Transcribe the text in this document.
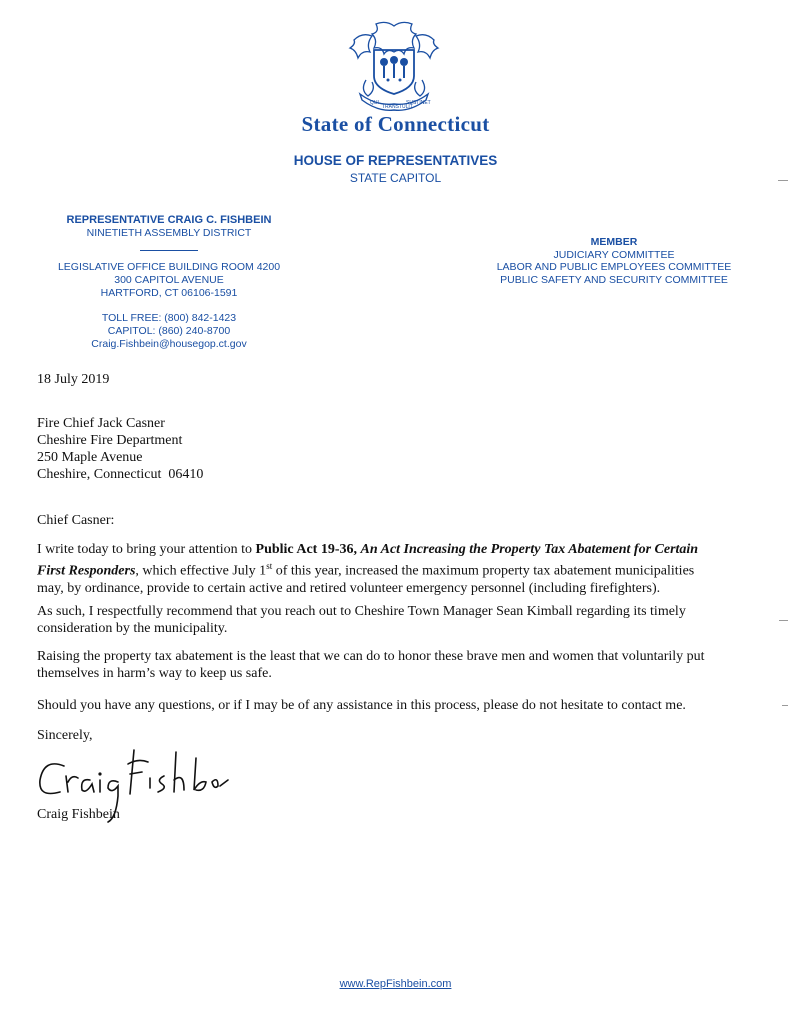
QUI
TRANSTULIT
SUSTINET
State of Connecticut
HOUSE OF REPRESENTATIVES
STATE CAPITOL
REPRESENTATIVE CRAIG C. FISHBEIN
NINETIETH ASSEMBLY DISTRICT
LEGISLATIVE OFFICE BUILDING ROOM 4200
300 CAPITOL AVENUE
HARTFORD, CT 06106-1591
TOLL FREE: (800) 842-1423
CAPITOL: (860) 240-8700
Craig.Fishbein@housegop.ct.gov
MEMBER
JUDICIARY COMMITTEE
LABOR AND PUBLIC EMPLOYEES COMMITTEE
PUBLIC SAFETY AND SECURITY COMMITTEE
18 July 2019
Fire Chief Jack Casner
Cheshire Fire Department
250 Maple Avenue
Cheshire, Connecticut  06410
Chief Casner:
I write today to bring your attention to Public Act 19-36, An Act Increasing the Property Tax Abatement for Certain First Responders, which effective July 1st of this year, increased the maximum property tax abatement municipalities may, by ordinance, provide to certain active and retired volunteer emergency personnel (including firefighters).
As such, I respectfully recommend that you reach out to Cheshire Town Manager Sean Kimball regarding its timely consideration by the municipality.
Raising the property tax abatement is the least that we can do to honor these brave men and women that voluntarily put themselves in harm’s way to keep us safe.
Should you have any questions, or if I may be of any assistance in this process, please do not hesitate to contact me.
Sincerely,
Craig Fishbein
www.RepFishbein.com
